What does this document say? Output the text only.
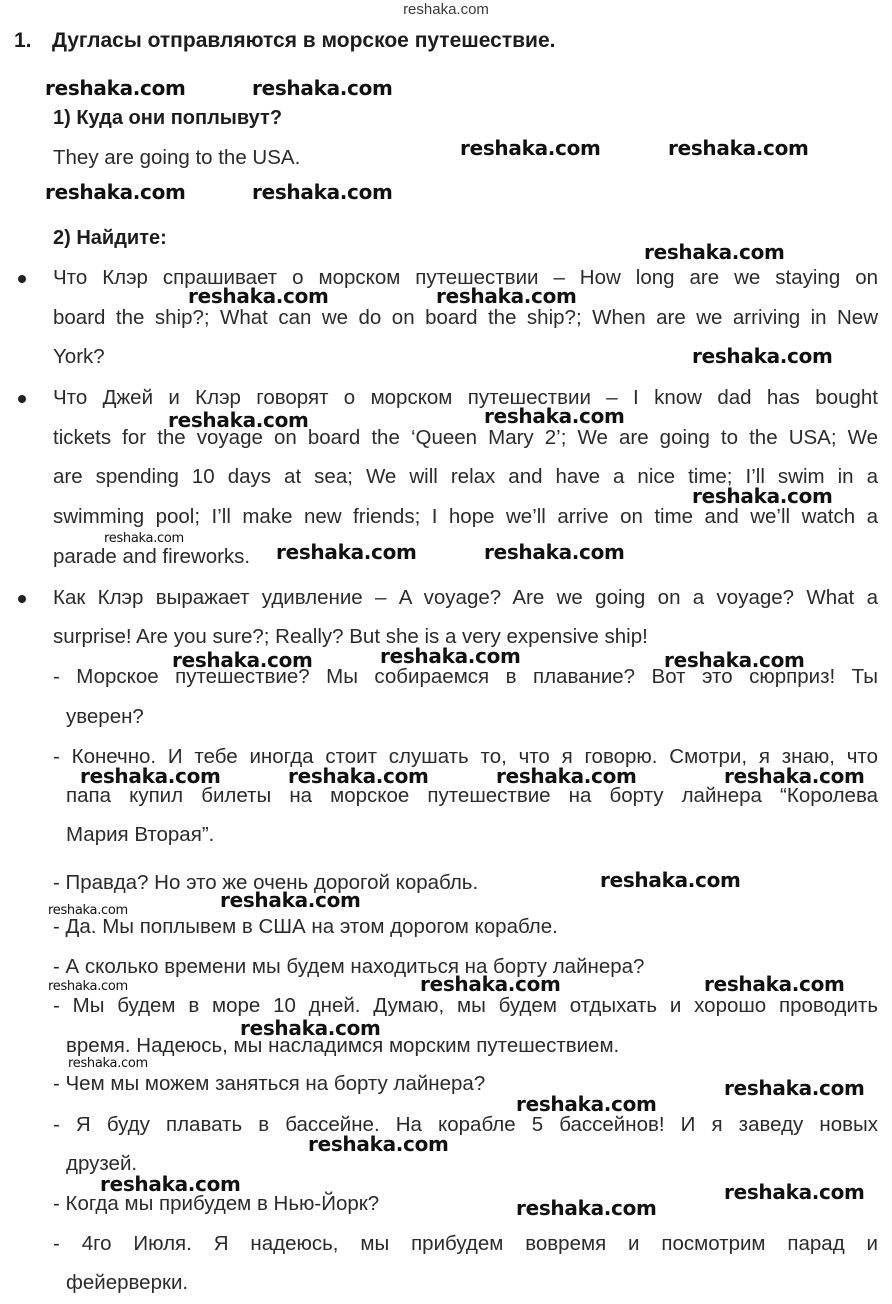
reshaka.com
1. Дугласы отправляются в морское путешествие.
1) Куда они поплывут?
They are going to the USA.
2) Найдите:
Что Клэр спрашивает о морском путешествии – How long are we staying on
board the ship?; What can we do on board the ship?; When are we arriving in New
York?
Что Джей и Клэр говорят о морском путешествии – I know dad has bought
tickets for the voyage on board the ‘Queen Mary 2’; We are going to the USA; We
are spending 10 days at sea; We will relax and have a nice time; I’ll swim in a
swimming pool; I’ll make new friends; I hope we’ll arrive on time and we’ll watch a
parade and fireworks.
Как Клэр выражает удивление – A voyage? Are we going on a voyage? What a
surprise! Are you sure?; Really? But she is a very expensive ship!
- Морское путешествие? Мы собираемся в плавание? Вот это сюрприз! Ты
уверен?
- Конечно. И тебе иногда стоит слушать то, что я говорю. Смотри, я знаю, что
папа купил билеты на морское путешествие на борту лайнера “Королева
Мария Вторая”.
- Правда? Но это же очень дорогой корабль.
- Да. Мы поплывем в США на этом дорогом корабле.
- А сколько времени мы будем находиться на борту лайнера?
- Мы будем в море 10 дней. Думаю, мы будем отдыхать и хорошо проводить
время. Надеюсь, мы насладимся морским путешествием.
- Чем мы можем заняться на борту лайнера?
- Я буду плавать в бассейне. На корабле 5 бассейнов! И я заведу новых
друзей.
- Когда мы прибудем в Нью-Йорк?
- 4го Июля. Я надеюсь, мы прибудем вовремя и посмотрим парад и
фейерверки.
reshaka.com	reshaka.com
reshaka.com	reshaka.com
reshaka.com	reshaka.com
reshaka.com
reshaka.com	reshaka.com
reshaka.com
reshaka.com	reshaka.com
reshaka.com
reshaka.com
reshaka.com	reshaka.com
reshaka.com	reshaka.com	reshaka.com
reshaka.com	reshaka.com	reshaka.com	reshaka.com
reshaka.com
reshaka.com
reshaka.com
reshaka.com	reshaka.com
reshaka.com
reshaka.com
reshaka.com
reshaka.com
reshaka.com
reshaka.com
reshaka.com	reshaka.com
reshaka.com
